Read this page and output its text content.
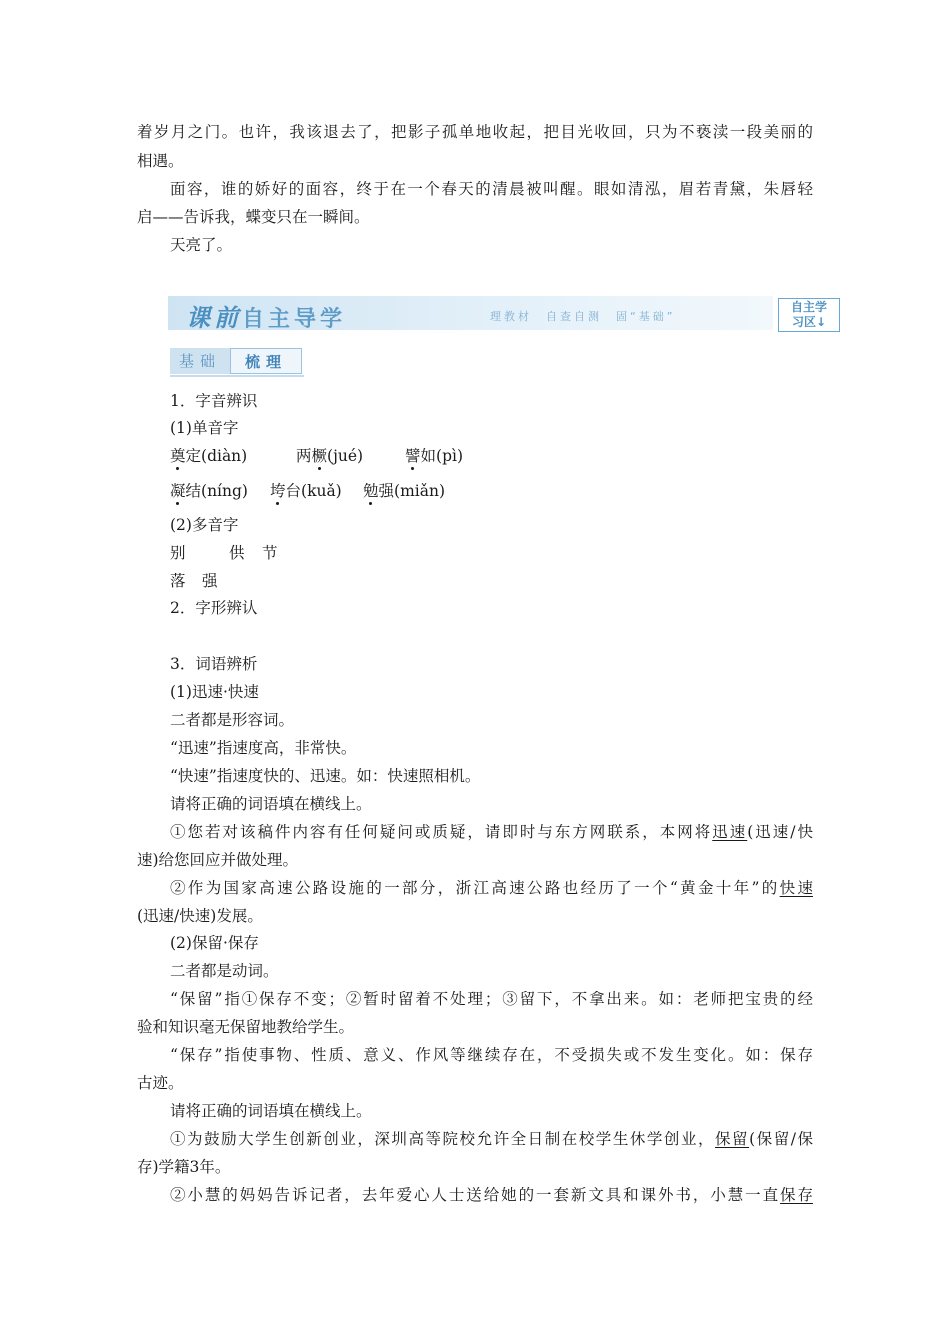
着岁月之门。也许，我该退去了，把影子孤单地收起，把目光收回，只为不亵渎一段美丽的
相遇。
面容，谁的娇好的面容，终于在一个春天的清晨被叫醒。眼如清泓，眉若青黛，朱唇轻
启——告诉我，蝶变只在一瞬间。
天亮了。
课前自主导学	理教材　自查自测　固“基础”
自主学
习区↓
基础	梳理
1．字音辨识
(1)单音字
奠定(diàn)	两橛(jué)	譬如(pì)
凝结(níng) 垮台(kuǎ) 勉强(miǎn)
(2)多音字
别	供 节
落 强
2．字形辨认
3．词语辨析
(1)迅速·快速
二者都是形容词。
“迅速”指速度高，非常快。
“快速”指速度快的、迅速。如：快速照相机。
请将正确的词语填在横线上。
①您若对该稿件内容有任何疑问或质疑，请即时与东方网联系，本网将迅速(迅速/快
速)给您回应并做处理。
②作为国家高速公路设施的一部分，浙江高速公路也经历了一个“黄金十年”的快速
(迅速/快速)发展。
(2)保留·保存
二者都是动词。
“保留”指①保存不变；②暂时留着不处理；③留下，不拿出来。如：老师把宝贵的经
验和知识毫无保留地教给学生。
“保存”指使事物、性质、意义、作风等继续存在，不受损失或不发生变化。如：保存
古迹。
请将正确的词语填在横线上。
①为鼓励大学生创新创业，深圳高等院校允许全日制在校学生休学创业，保留(保留/保
存)学籍3年。
②小慧的妈妈告诉记者，去年爱心人士送给她的一套新文具和课外书，小慧一直保存
